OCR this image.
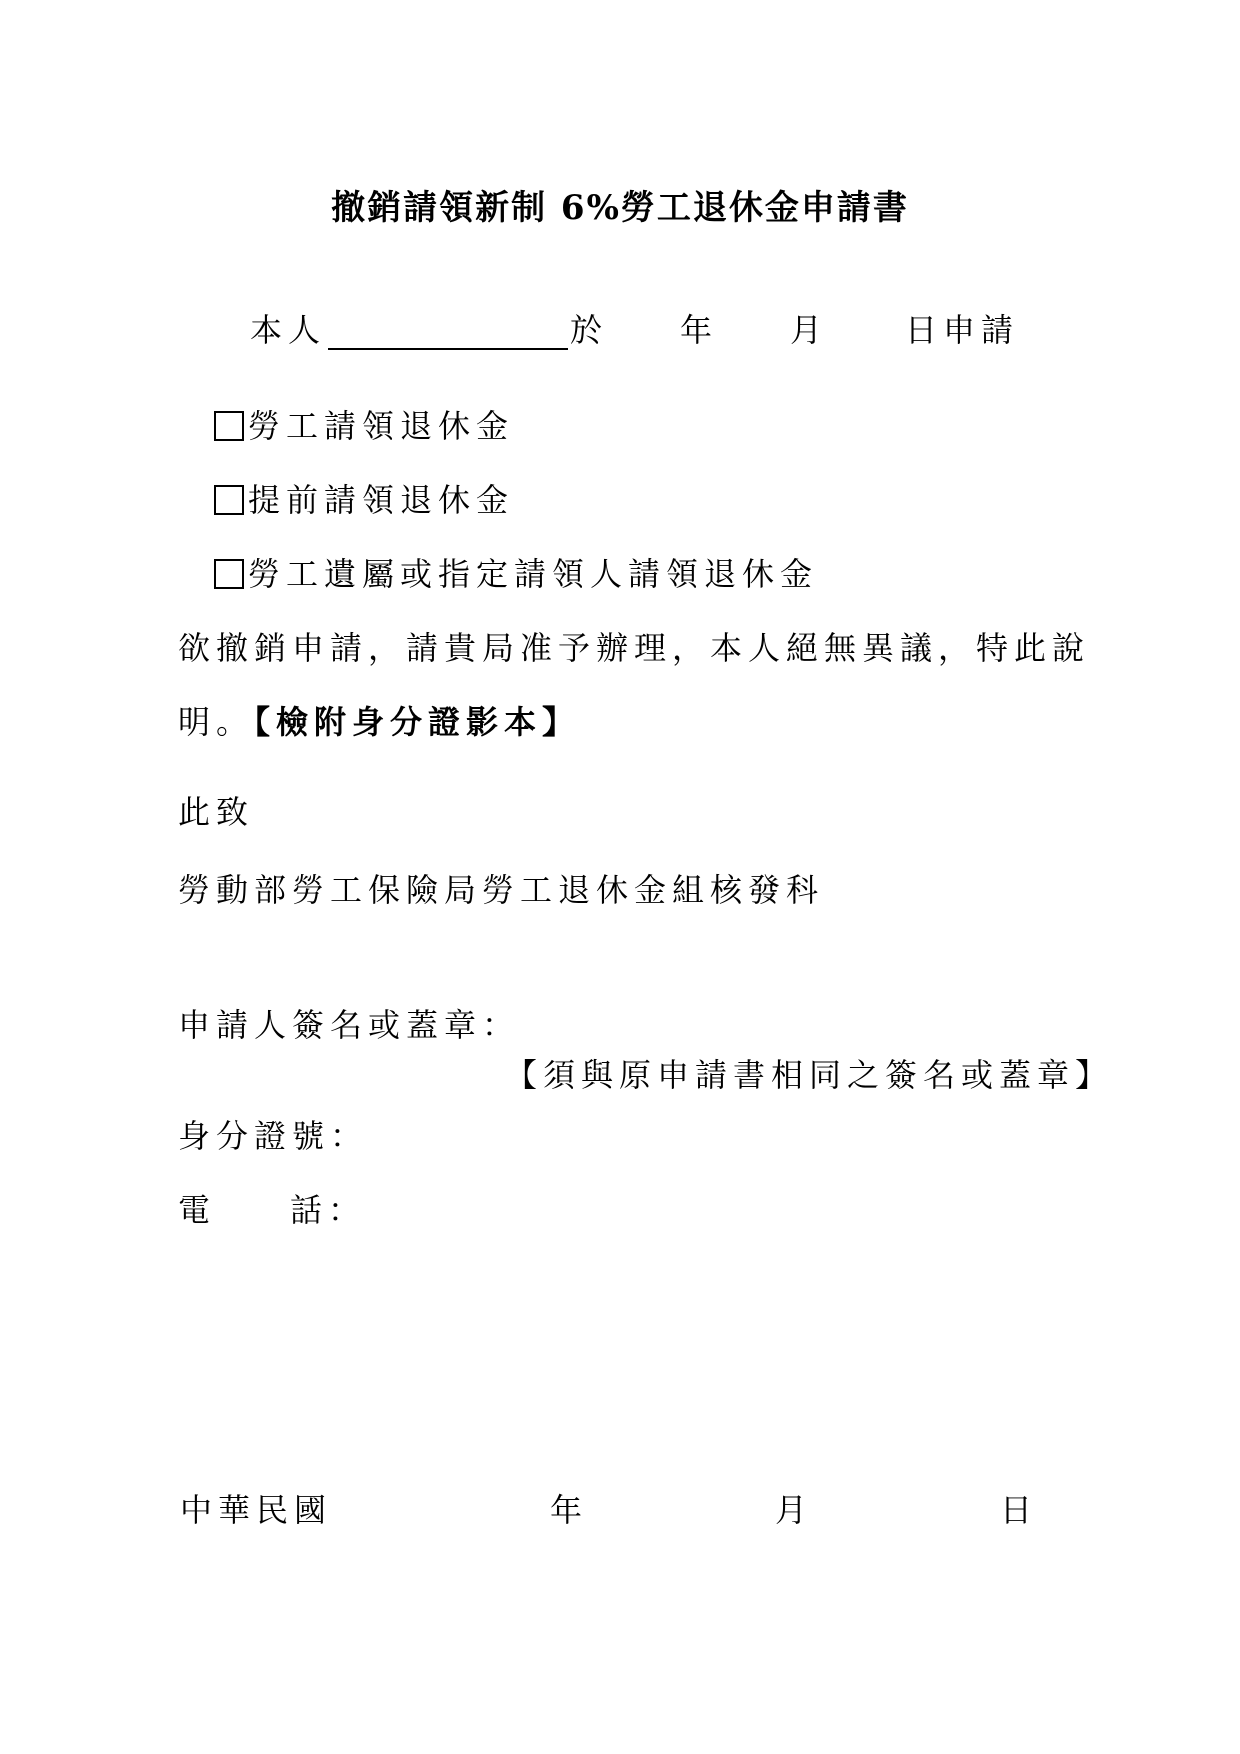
撤銷請領新制 6%勞工退休金申請書
本人	於 年 月 日申請
勞工請領退休金
提前請領退休金
勞工遺屬或指定請領人請領退休金
欲撤銷申請，請貴局准予辦理，本人絕無異議，特此說
明。【檢附身分證影本】
此致
勞動部勞工保險局勞工退休金組核發科
申請人簽名或蓋章：
【須與原申請書相同之簽名或蓋章】
身分證號：
電 話：
中華民國	年	月	日
